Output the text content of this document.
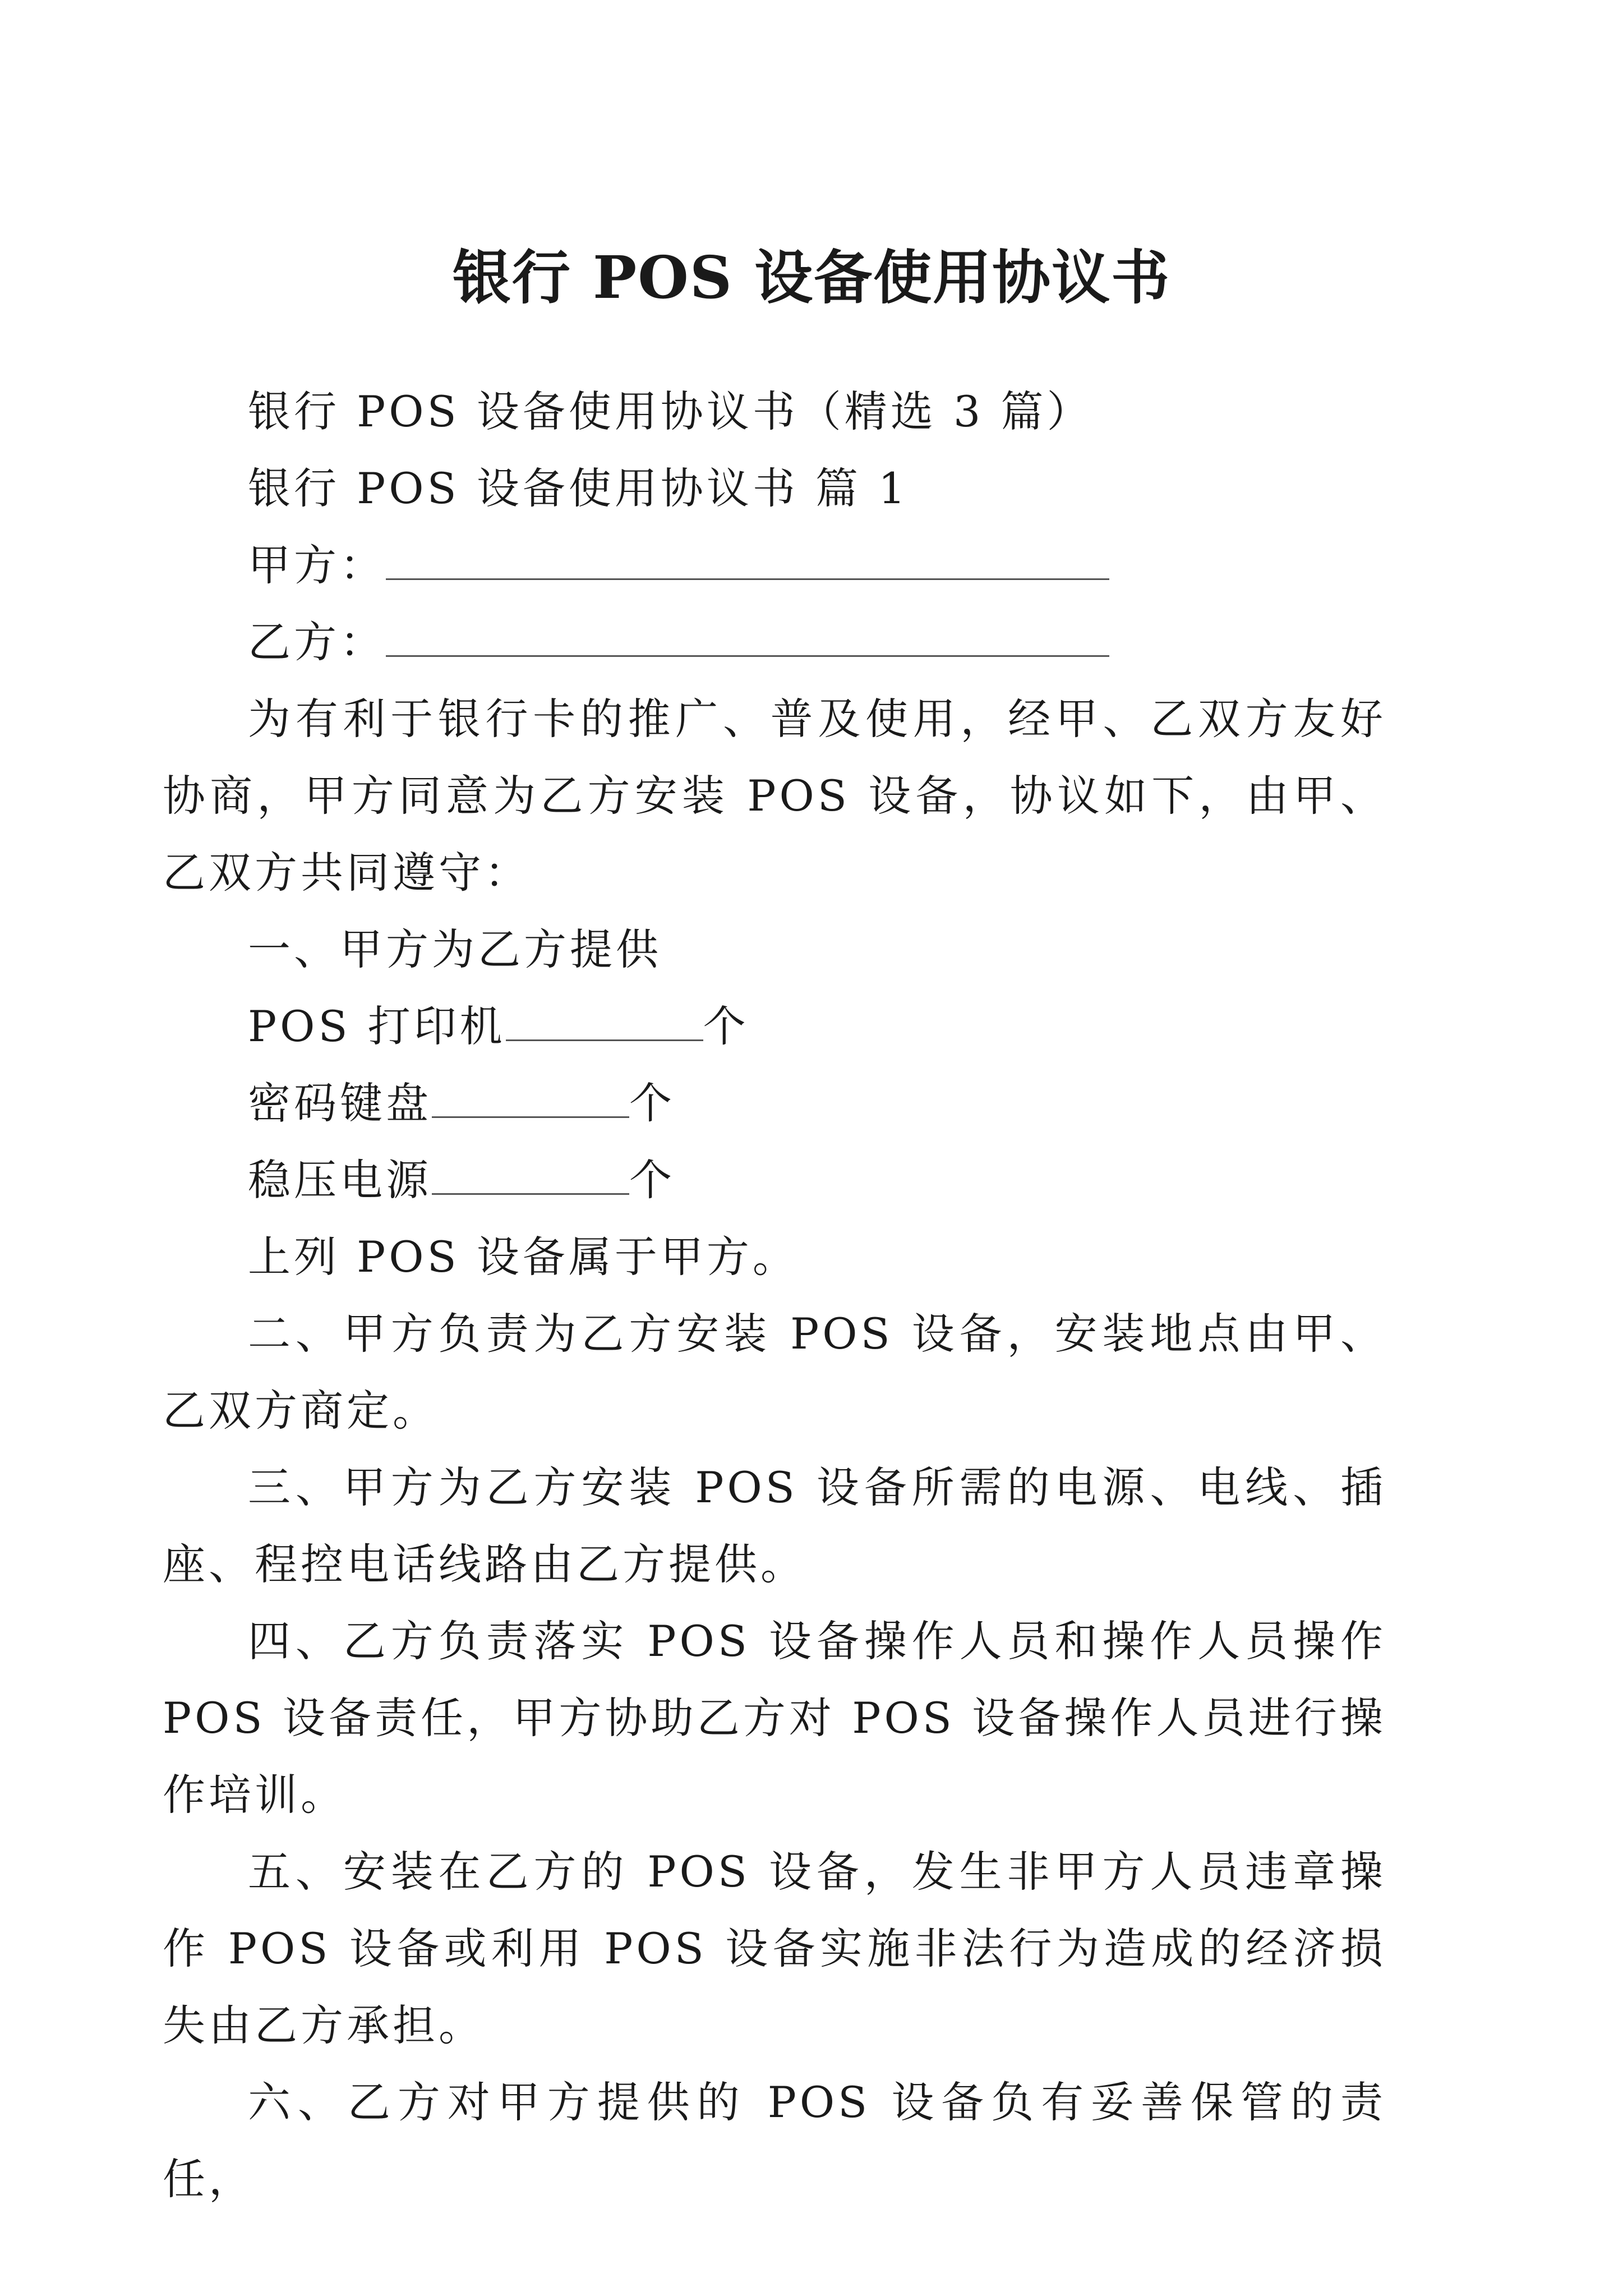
银行 POS 设备使用协议书

银行 POS 设备使用协议书（精选 3 篇）

银行 POS 设备使用协议书 篇 1

甲方：

乙方：

为有利于银行卡的推广、普及使用，经甲、乙双方友好协商，甲方同意为乙方安装 POS 设备，协议如下，由甲、乙双方共同遵守：

一、甲方为乙方提供

POS 打印机	个

密码键盘	个

稳压电源	个

上列 POS 设备属于甲方。

二、甲方负责为乙方安装 POS 设备，安装地点由甲、乙双方商定。

三、甲方为乙方安装 POS 设备所需的电源、电线、插座、程控电话线路由乙方提供。

四、乙方负责落实 POS 设备操作人员和操作人员操作 POS 设备责任，甲方协助乙方对 POS 设备操作人员进行操作培训。

五、安装在乙方的 POS 设备，发生非甲方人员违章操作 POS 设备或利用 POS 设备实施非法行为造成的经济损失由乙方承担。

六、乙方对甲方提供的 POS 设备负有妥善保管的责任，
